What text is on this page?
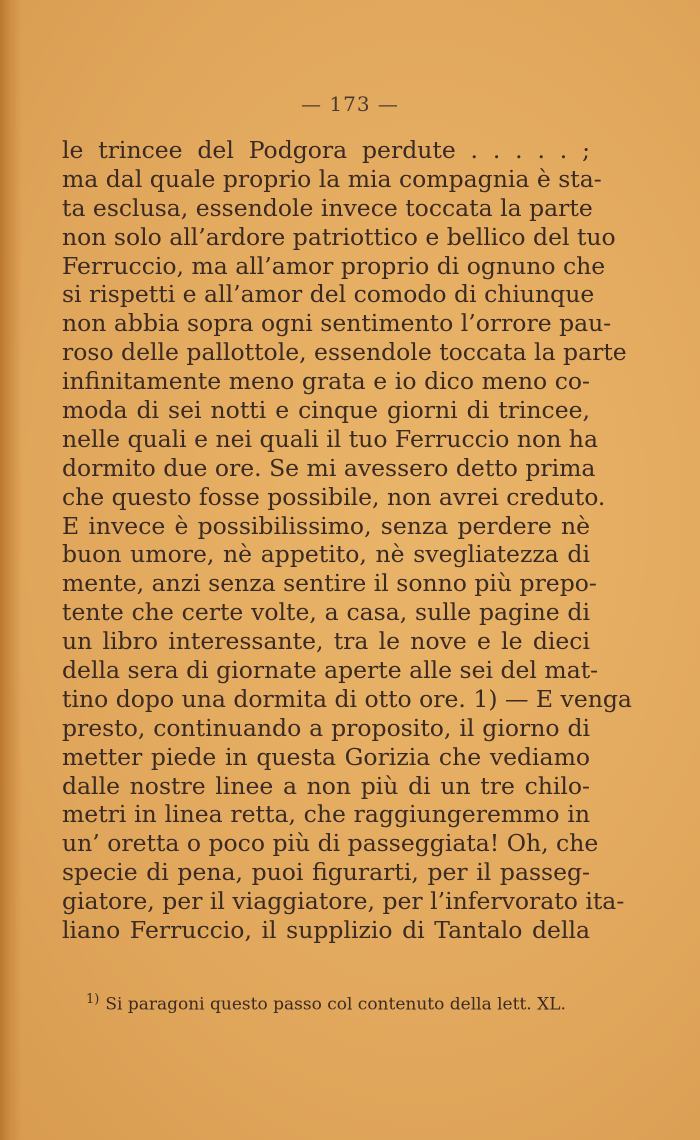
— 173 —
le trincee del Podgora perdute . . . . . ;
ma dal quale proprio la mia compagnia è sta-
ta esclusa, essendole invece toccata la parte
non solo all’ardore patriottico e bellico del tuo
Ferruccio, ma all’amor proprio di ognuno che
si rispetti e all’amor del comodo di chiunque
non abbia sopra ogni sentimento l’orrore pau-
roso delle pallottole, essendole toccata la parte
infinitamente meno grata e io dico meno co-
moda di sei notti e cinque giorni di trincee,
nelle quali e nei quali il tuo Ferruccio non ha
dormito due ore. Se mi avessero detto prima
che questo fosse possibile, non avrei creduto.
E invece è possibilissimo, senza perdere nè
buon umore, nè appetito, nè svegliatezza di
mente, anzi senza sentire il sonno più prepo-
tente che certe volte, a casa, sulle pagine di
un libro interessante, tra le nove e le dieci
della sera di giornate aperte alle sei del mat-
tino dopo una dormita di otto ore. 1) — E venga
presto, continuando a proposito, il giorno di
metter piede in questa Gorizia che vediamo
dalle nostre linee a non più di un tre chilo-
metri in linea retta, che raggiungeremmo in
un’ oretta o poco più di passeggiata! Oh, che
specie di pena, puoi figurarti, per il passeg-
giatore, per il viaggiatore, per l’infervorato ita-
liano Ferruccio, il supplizio di Tantalo della
$^{1)}$ Si paragoni questo passo col contenuto della lett. XL.
